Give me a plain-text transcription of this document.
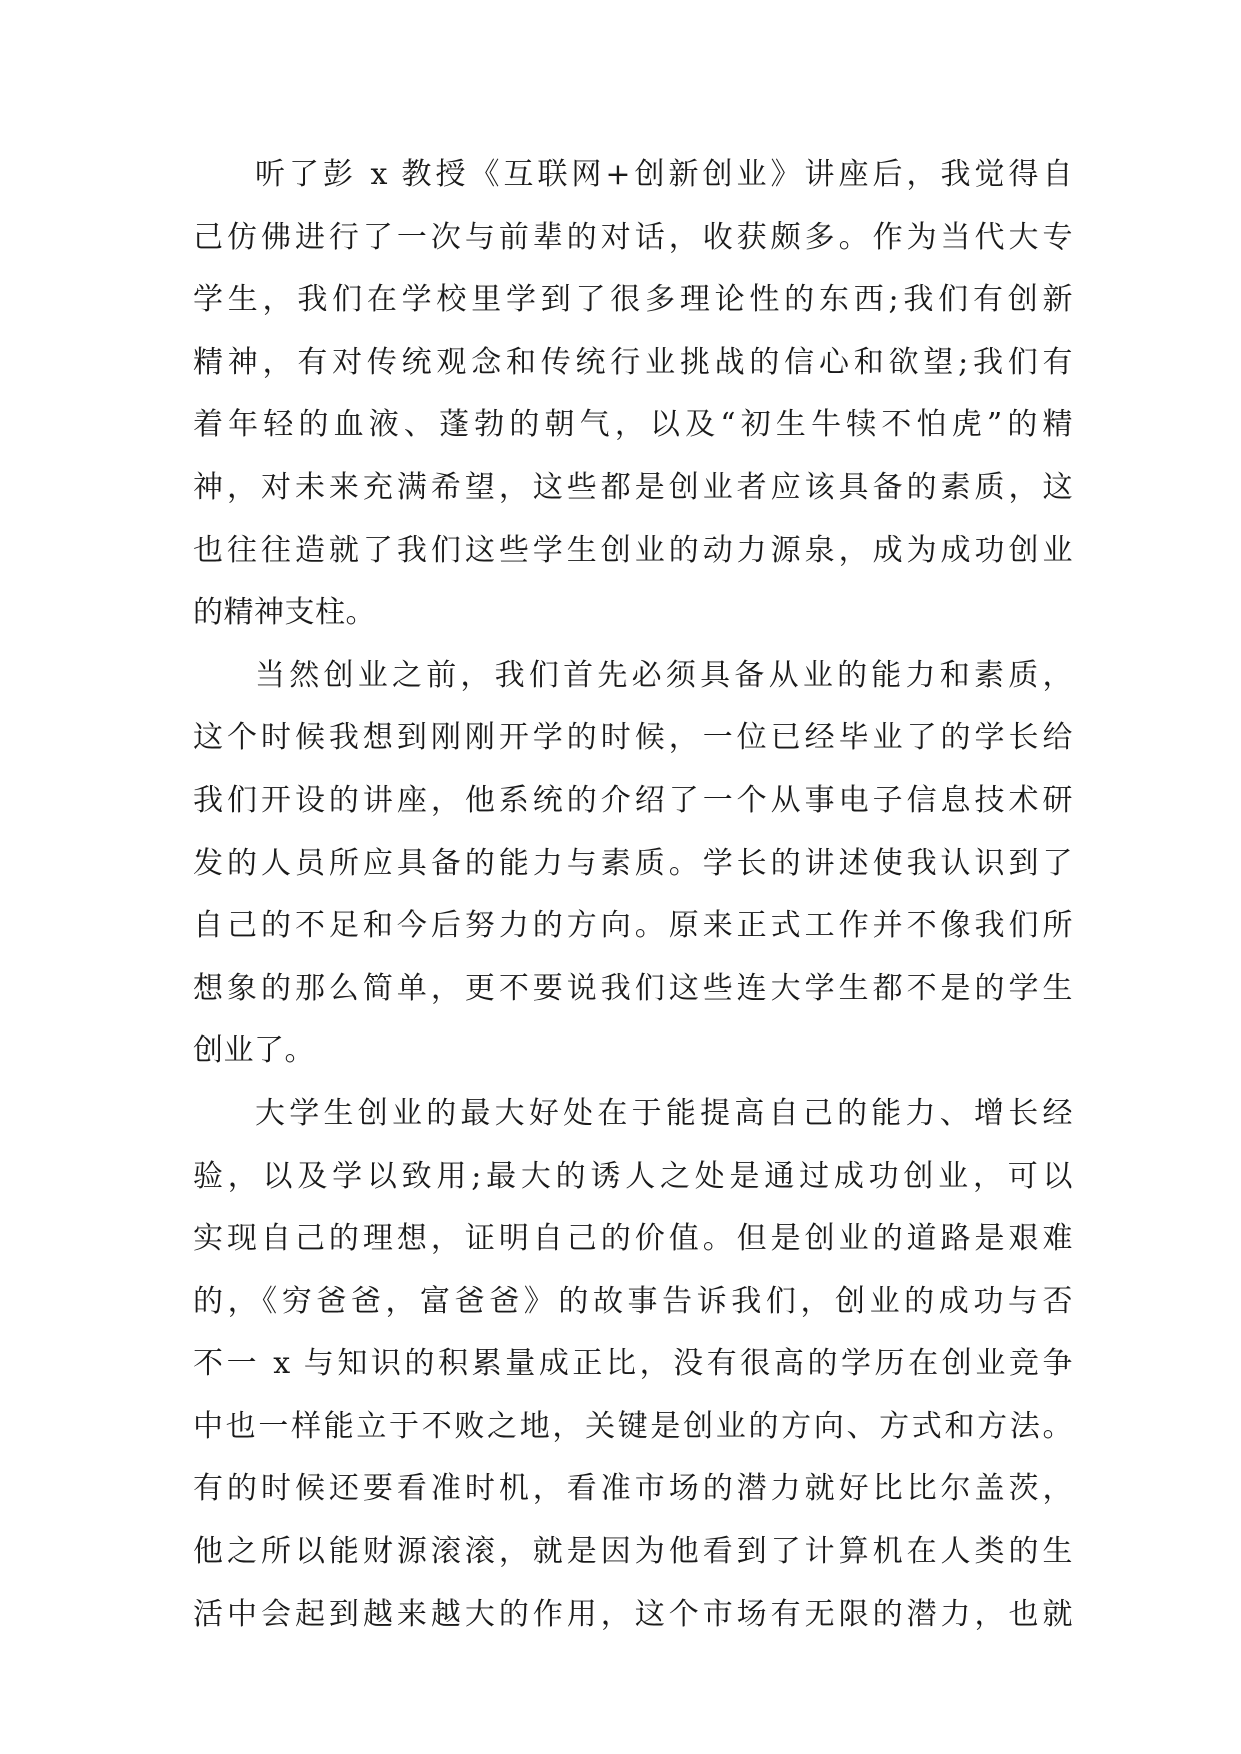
听了彭 x 教授《互联网+创新创业》讲座后，我觉得自
己仿佛进行了一次与前辈的对话，收获颇多。作为当代大专
学生，我们在学校里学到了很多理论性的东西;我们有创新
精神，有对传统观念和传统行业挑战的信心和欲望;我们有
着年轻的血液、蓬勃的朝气，以及“初生牛犊不怕虎”的精
神，对未来充满希望，这些都是创业者应该具备的素质，这
也往往造就了我们这些学生创业的动力源泉，成为成功创业
的精神支柱。
当然创业之前，我们首先必须具备从业的能力和素质，
这个时候我想到刚刚开学的时候，一位已经毕业了的学长给
我们开设的讲座，他系统的介绍了一个从事电子信息技术研
发的人员所应具备的能力与素质。学长的讲述使我认识到了
自己的不足和今后努力的方向。原来正式工作并不像我们所
想象的那么简单，更不要说我们这些连大学生都不是的学生
创业了。
大学生创业的最大好处在于能提高自己的能力、增长经
验，以及学以致用;最大的诱人之处是通过成功创业，可以
实现自己的理想，证明自己的价值。但是创业的道路是艰难
的，《穷爸爸，富爸爸》的故事告诉我们，创业的成功与否
不一 x 与知识的积累量成正比，没有很高的学历在创业竞争
中也一样能立于不败之地，关键是创业的方向、方式和方法。
有的时候还要看准时机，看准市场的潜力就好比比尔盖茨，
他之所以能财源滚滚，就是因为他看到了计算机在人类的生
活中会起到越来越大的作用，这个市场有无限的潜力，也就
